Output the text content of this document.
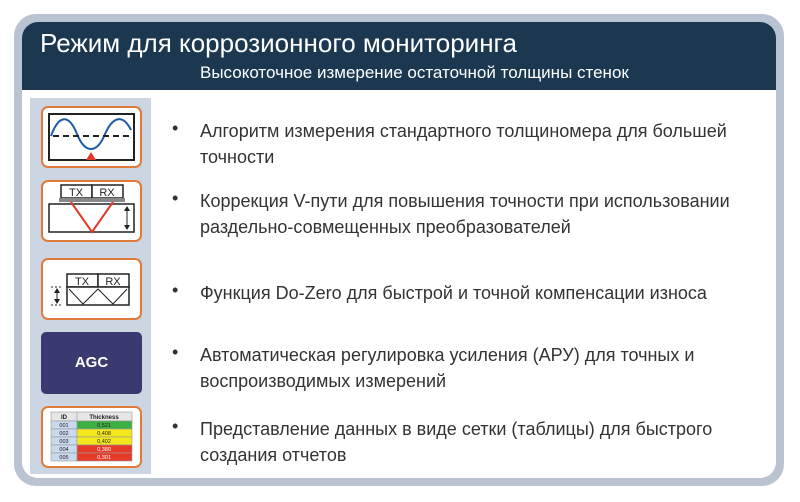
Режим для коррозионного мониторинга
Высокоточное измерение остаточной толщины стенок
TX RX
TX RX
AGC
ID	Thickness
001	0,521
002	0,408
003	0,402
004	0,380
005	0,301
• Алгоритм измерения стандартного толщиномера для большей точности
• Коррекция V-пути для повышения точности при использовании раздельно-совмещенных преобразователей
• Функция Do-Zero для быстрой и точной компенсации износа
• Автоматическая регулировка усиления (АРУ) для точных и воспроизводимых измерений
• Представление данных в виде сетки (таблицы) для быстрого создания отчетов
